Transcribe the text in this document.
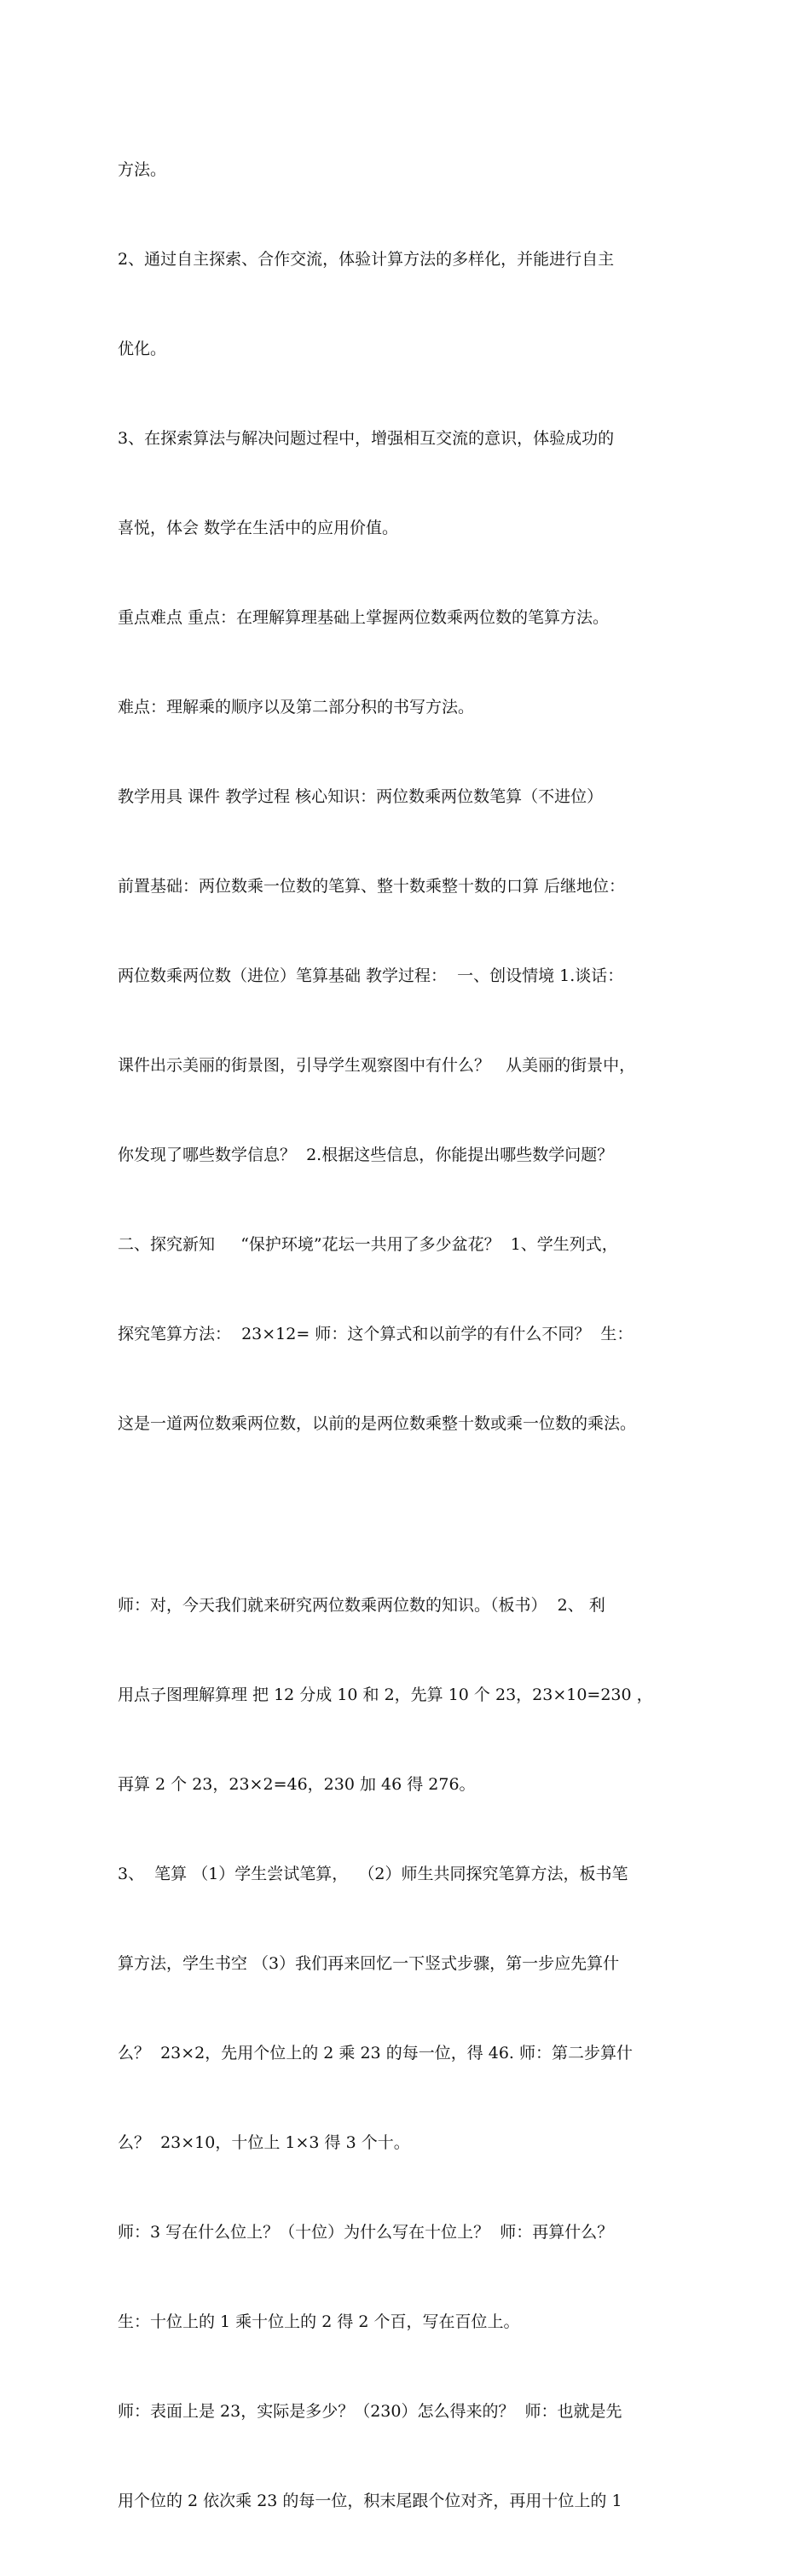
方法。

2、通过自主探索、合作交流，体验计算方法的多样化，并能进行自主

优化。

3、在探索算法与解决问题过程中，增强相互交流的意识，体验成功的

喜悦，体会 数学在生活中的应用价值。

重点难点 重点：在理解算理基础上掌握两位数乘两位数的笔算方法。

难点：理解乘的顺序以及第二部分积的书写方法。

教学用具 课件 教学过程 核心知识：两位数乘两位数笔算（不进位）

前置基础：两位数乘一位数的笔算、整十数乘整十数的口算 后继地位：

两位数乘两位数（进位）笔算基础 教学过程：  一、创设情境 1.谈话：

课件出示美丽的街景图，引导学生观察图中有什么？   从美丽的街景中，

你发现了哪些数学信息？  2.根据这些信息，你能提出哪些数学问题？

二、探究新知     “保护环境”花坛一共用了多少盆花？  1、学生列式，

探究笔算方法：  23×12= 师：这个算式和以前学的有什么不同？  生：

这是一道两位数乘两位数，以前的是两位数乘整十数或乘一位数的乘法。

师：对，今天我们就来研究两位数乘两位数的知识。（板书）  2、 利

用点子图理解算理 把 12 分成 10 和 2，先算 10 个 23，23×10=230 ，

再算 2 个 23，23×2=46，230 加 46 得 276。

3、  笔算 （1）学生尝试笔算，  （2）师生共同探究笔算方法，板书笔

算方法，学生书空 （3）我们再来回忆一下竖式步骤，第一步应先算什

么？  23×2，先用个位上的 2 乘 23 的每一位，得 46. 师：第二步算什

么？  23×10，十位上 1×3 得 3 个十。

师：3 写在什么位上？（十位）为什么写在十位上？  师：再算什么？

生：十位上的 1 乘十位上的 2 得 2 个百，写在百位上。

师：表面上是 23，实际是多少？（230）怎么得来的？  师：也就是先

用个位的 2 依次乘 23 的每一位，积末尾跟个位对齐，再用十位上的 1
